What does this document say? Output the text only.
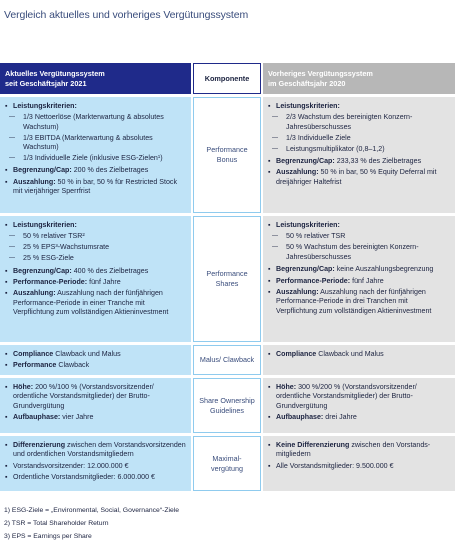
Vergleich aktuelles und vorheriges Vergütungssystem
Aktuelles Vergütungssystem
seit Geschäftsjahr 2021
Komponente	Vorheriges Vergütungssystem
im Geschäftsjahr 2020
▪ Leistungskriterien:
— 1/3 Nettoerlöse (Markterwartung & absolutes Wachstum)
— 1/3 EBITDA (Markterwartung & absolutes Wachstum)
— 1/3 Individuelle Ziele (inklusive ESG-Zielen¹)
▪ Begrenzung/Cap: 200 % des Zielbetrages
▪ Auszahlung: 50 % in bar, 50 % für Restricted Stock mit vierjähriger Sperrfrist
Performance Bonus
▪ Leistungskriterien:
— 2/3 Wachstum des bereinigten Konzern-Jahresüberschusses
— 1/3 Individuelle Ziele
— Leistungsmultiplikator (0,8–1,2)
▪ Begrenzung/Cap: 233,33 % des Zielbetrages
▪ Auszahlung: 50 % in bar, 50 % Equity Deferral mit dreijähriger Haltefrist
▪ Leistungskriterien:
— 50 % relativer TSR²
— 25 % EPS³-Wachstumsrate
— 25 % ESG-Ziele
▪ Begrenzung/Cap: 400 % des Zielbetrages
▪ Performance-Periode: fünf Jahre
▪ Auszahlung: Auszahlung nach der fünfjährigen Performance-Periode in einer Tranche mit Verpflichtung zum vollständigen Aktieninvestment
Performance Shares
▪ Leistungskriterien:
— 50 % relativer TSR
— 50 % Wachstum des bereinigten Konzern-Jahresüberschusses
▪ Begrenzung/Cap: keine Auszahlungsbegrenzung
▪ Performance-Periode: fünf Jahre
▪ Auszahlung: Auszahlung nach der fünfjährigen Performance-Periode in drei Tranchen mit Verpflichtung zum vollständigen Aktieninvestment
▪ Compliance Clawback und Malus
▪ Performance Clawback
Malus/ Clawback
▪ Compliance Clawback und Malus
▪ Höhe: 200 %/100 % (Vorstandsvorsitzender/ ordentliche Vorstandsmitglieder) der Brutto-Grundvergütung
▪ Aufbauphase: vier Jahre
Share Ownership Guidelines
▪ Höhe: 300 %/200 % (Vorstandsvorsitzender/ ordentliche Vorstandsmitglieder) der Brutto-Grundvergütung
▪ Aufbauphase: drei Jahre
▪ Differenzierung zwischen dem Vorstandsvorsitzenden und ordentlichen Vorstandsmitgliedern
▪ Vorstandsvorsitzender: 12.000.000 €
▪ Ordentliche Vorstandsmitglieder: 6.000.000 €
Maximal-vergütung
▪ Keine Differenzierung zwischen den Vorstands-mitgliedern
▪ Alle Vorstandsmitglieder: 9.500.000 €
1) ESG-Ziele = „Environmental, Social, Governance“-Ziele
2) TSR = Total Shareholder Return
3) EPS = Earnings per Share
